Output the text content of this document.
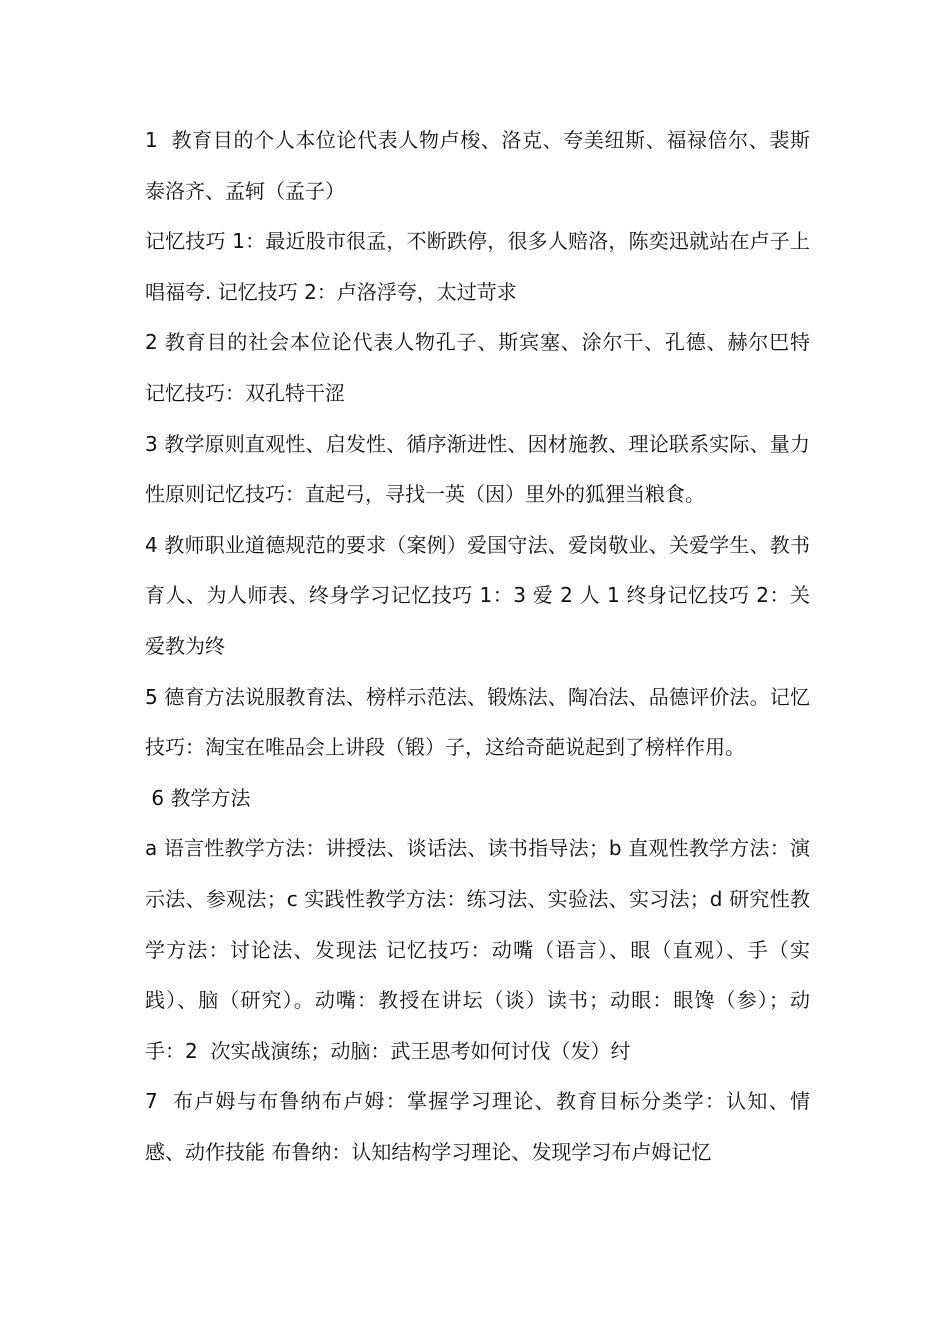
1  教育目的个人本位论代表人物卢梭、洛克、夸美纽斯、福禄倍尔、裴斯泰洛齐、孟轲（孟子）

记忆技巧 1：最近股市很孟，不断跌停，很多人赔洛，陈奕迅就站在卢子上唱福夸. 记忆技巧 2：卢洛浮夸，太过苛求

2 教育目的社会本位论代表人物孔子、斯宾塞、涂尔干、孔德、赫尔巴特 记忆技巧：双孔特干涩

3 教学原则直观性、启发性、循序渐进性、因材施教、理论联系实际、量力性原则记忆技巧：直起弓，寻找一英（因）里外的狐狸当粮食。

4 教师职业道德规范的要求（案例）爱国守法、爱岗敬业、关爱学生、教书育人、为人师表、终身学习记忆技巧 1：3 爱 2 人 1 终身记忆技巧 2：关爱教为终

5 德育方法说服教育法、榜样示范法、锻炼法、陶冶法、品德评价法。记忆技巧：淘宝在唯品会上讲段（锻）子，这给奇葩说起到了榜样作用。

6 教学方法

a 语言性教学方法：讲授法、谈话法、读书指导法；b 直观性教学方法：演示法、参观法；c 实践性教学方法：练习法、实验法、实习法；d 研究性教学方法：讨论法、发现法 记忆技巧：动嘴（语言）、眼（直观）、手（实践）、脑（研究）。动嘴：教授在讲坛（谈）读书；动眼：眼馋（参）；动手：2  次实战演练；动脑：武王思考如何讨伐（发）纣

7  布卢姆与布鲁纳布卢姆：掌握学习理论、教育目标分类学：认知、情感、动作技能 布鲁纳：认知结构学习理论、发现学习布卢姆记忆
